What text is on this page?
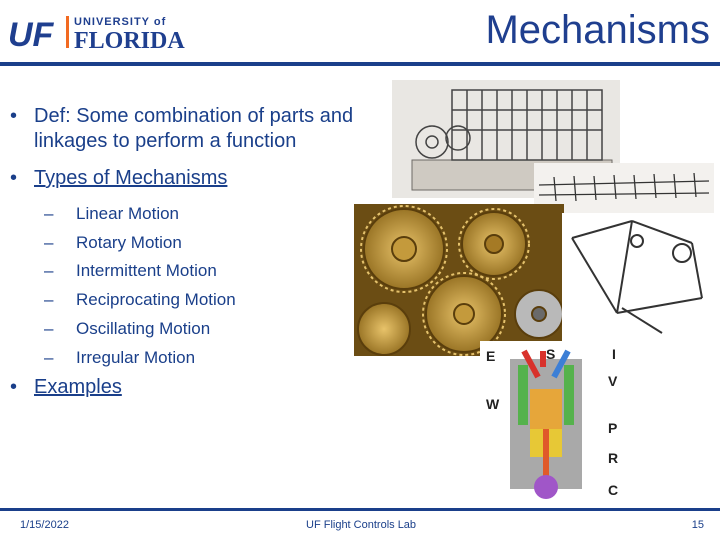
UF UNIVERSITY of
FLORIDA	Mechanisms
• Def: Some combination of parts and linkages to perform a function
• Types of Mechanisms
– Linear Motion
– Rotary Motion
– Intermittent Motion
– Reciprocating Motion
– Oscillating Motion
– Irregular Motion
• Examples
E	S	I
V
W
P
R
C
1/15/2022	UF Flight Controls Lab	15
